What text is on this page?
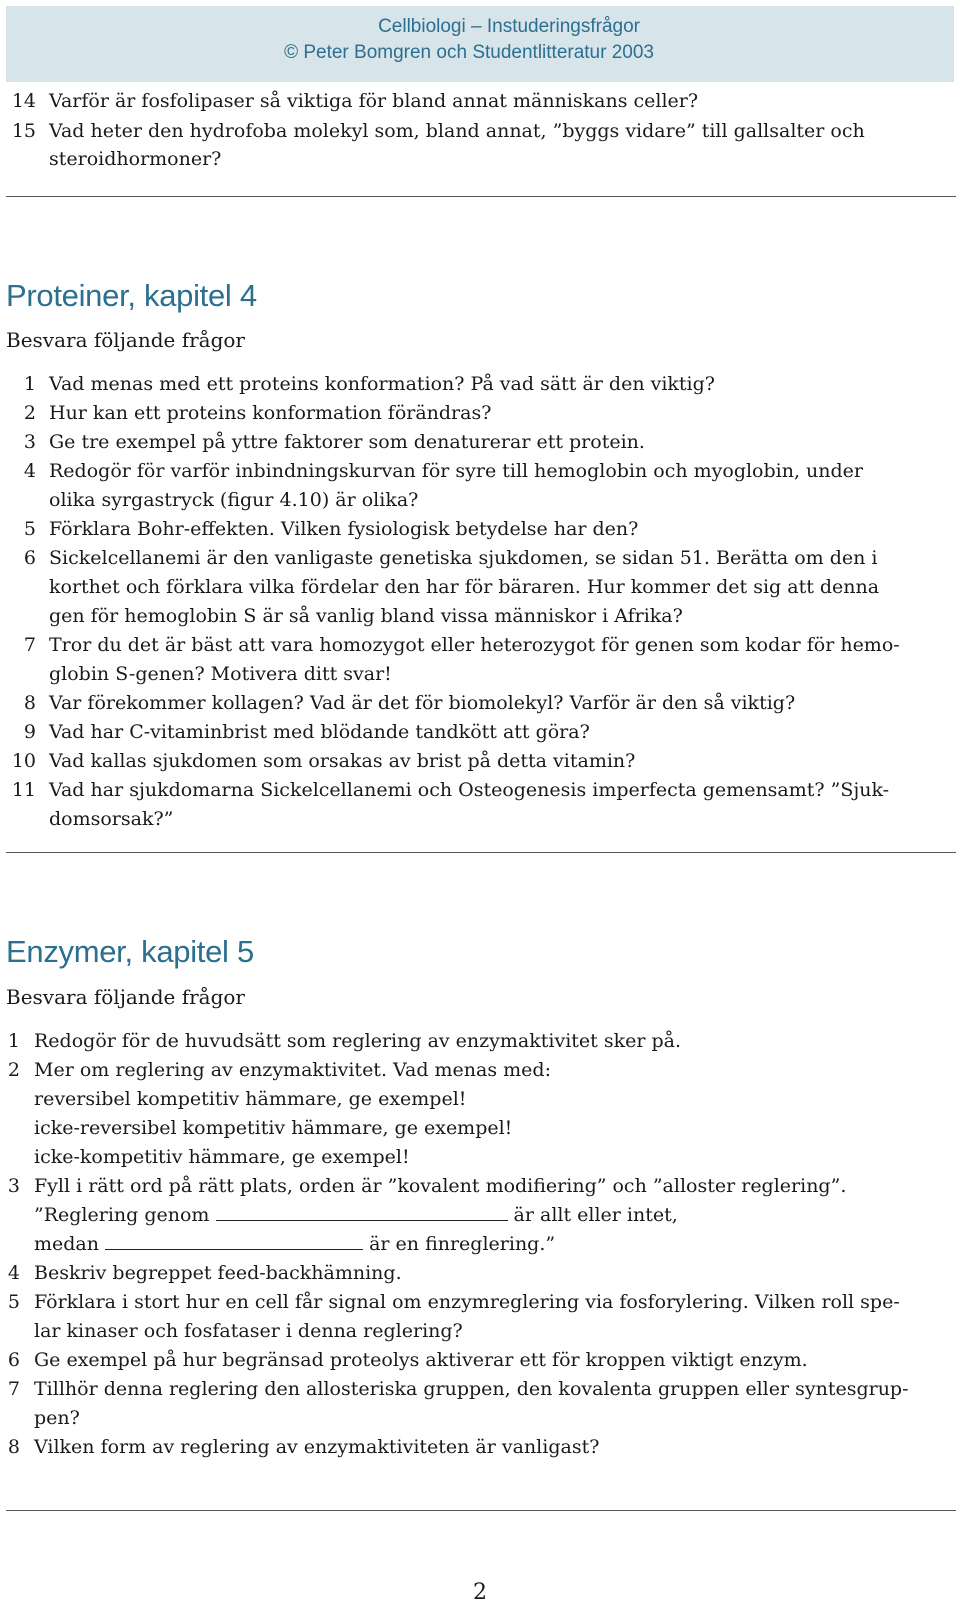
Cellbiologi – Instuderingsfrågor
© Peter Bomgren och Studentlitteratur 2003
14 Varför är fosfolipaser så viktiga för bland annat människans celler?
15 Vad heter den hydrofoba molekyl som, bland annat, ”byggs vidare” till gallsalter och
steroidhormoner?
Proteiner, kapitel 4
Besvara följande frågor
1 Vad menas med ett proteins konformation? På vad sätt är den viktig?
2 Hur kan ett proteins konformation förändras?
3 Ge tre exempel på yttre faktorer som denaturerar ett protein.
4 Redogör för varför inbindningskurvan för syre till hemoglobin och myoglobin, under
olika syrgastryck (figur 4.10) är olika?
5 Förklara Bohr-effekten. Vilken fysiologisk betydelse har den?
6 Sickelcellanemi är den vanligaste genetiska sjukdomen, se sidan 51. Berätta om den i
korthet och förklara vilka fördelar den har för bäraren. Hur kommer det sig att denna
gen för hemoglobin S är så vanlig bland vissa människor i Afrika?
7 Tror du det är bäst att vara homozygot eller heterozygot för genen som kodar för hemo-
globin S-genen? Motivera ditt svar!
8 Var förekommer kollagen? Vad är det för biomolekyl? Varför är den så viktig?
9 Vad har C-vitaminbrist med blödande tandkött att göra?
10 Vad kallas sjukdomen som orsakas av brist på detta vitamin?
11 Vad har sjukdomarna Sickelcellanemi och Osteogenesis imperfecta gemensamt? ”Sjuk-
domsorsak?”
Enzymer, kapitel 5
Besvara följande frågor
1 Redogör för de huvudsätt som reglering av enzymaktivitet sker på.
2 Mer om reglering av enzymaktivitet. Vad menas med:
reversibel kompetitiv hämmare, ge exempel!
icke-reversibel kompetitiv hämmare, ge exempel!
icke-kompetitiv hämmare, ge exempel!
3 Fyll i rätt ord på rätt plats, orden är ”kovalent modifiering” och ”alloster reglering”.
”Reglering genom	är allt eller intet,
medan	är en finreglering.”
4 Beskriv begreppet feed-backhämning.
5 Förklara i stort hur en cell får signal om enzymreglering via fosforylering. Vilken roll spe-
lar kinaser och fosfataser i denna reglering?
6 Ge exempel på hur begränsad proteolys aktiverar ett för kroppen viktigt enzym.
7 Tillhör denna reglering den allosteriska gruppen, den kovalenta gruppen eller syntesgrup-
pen?
8 Vilken form av reglering av enzymaktiviteten är vanligast?
2
